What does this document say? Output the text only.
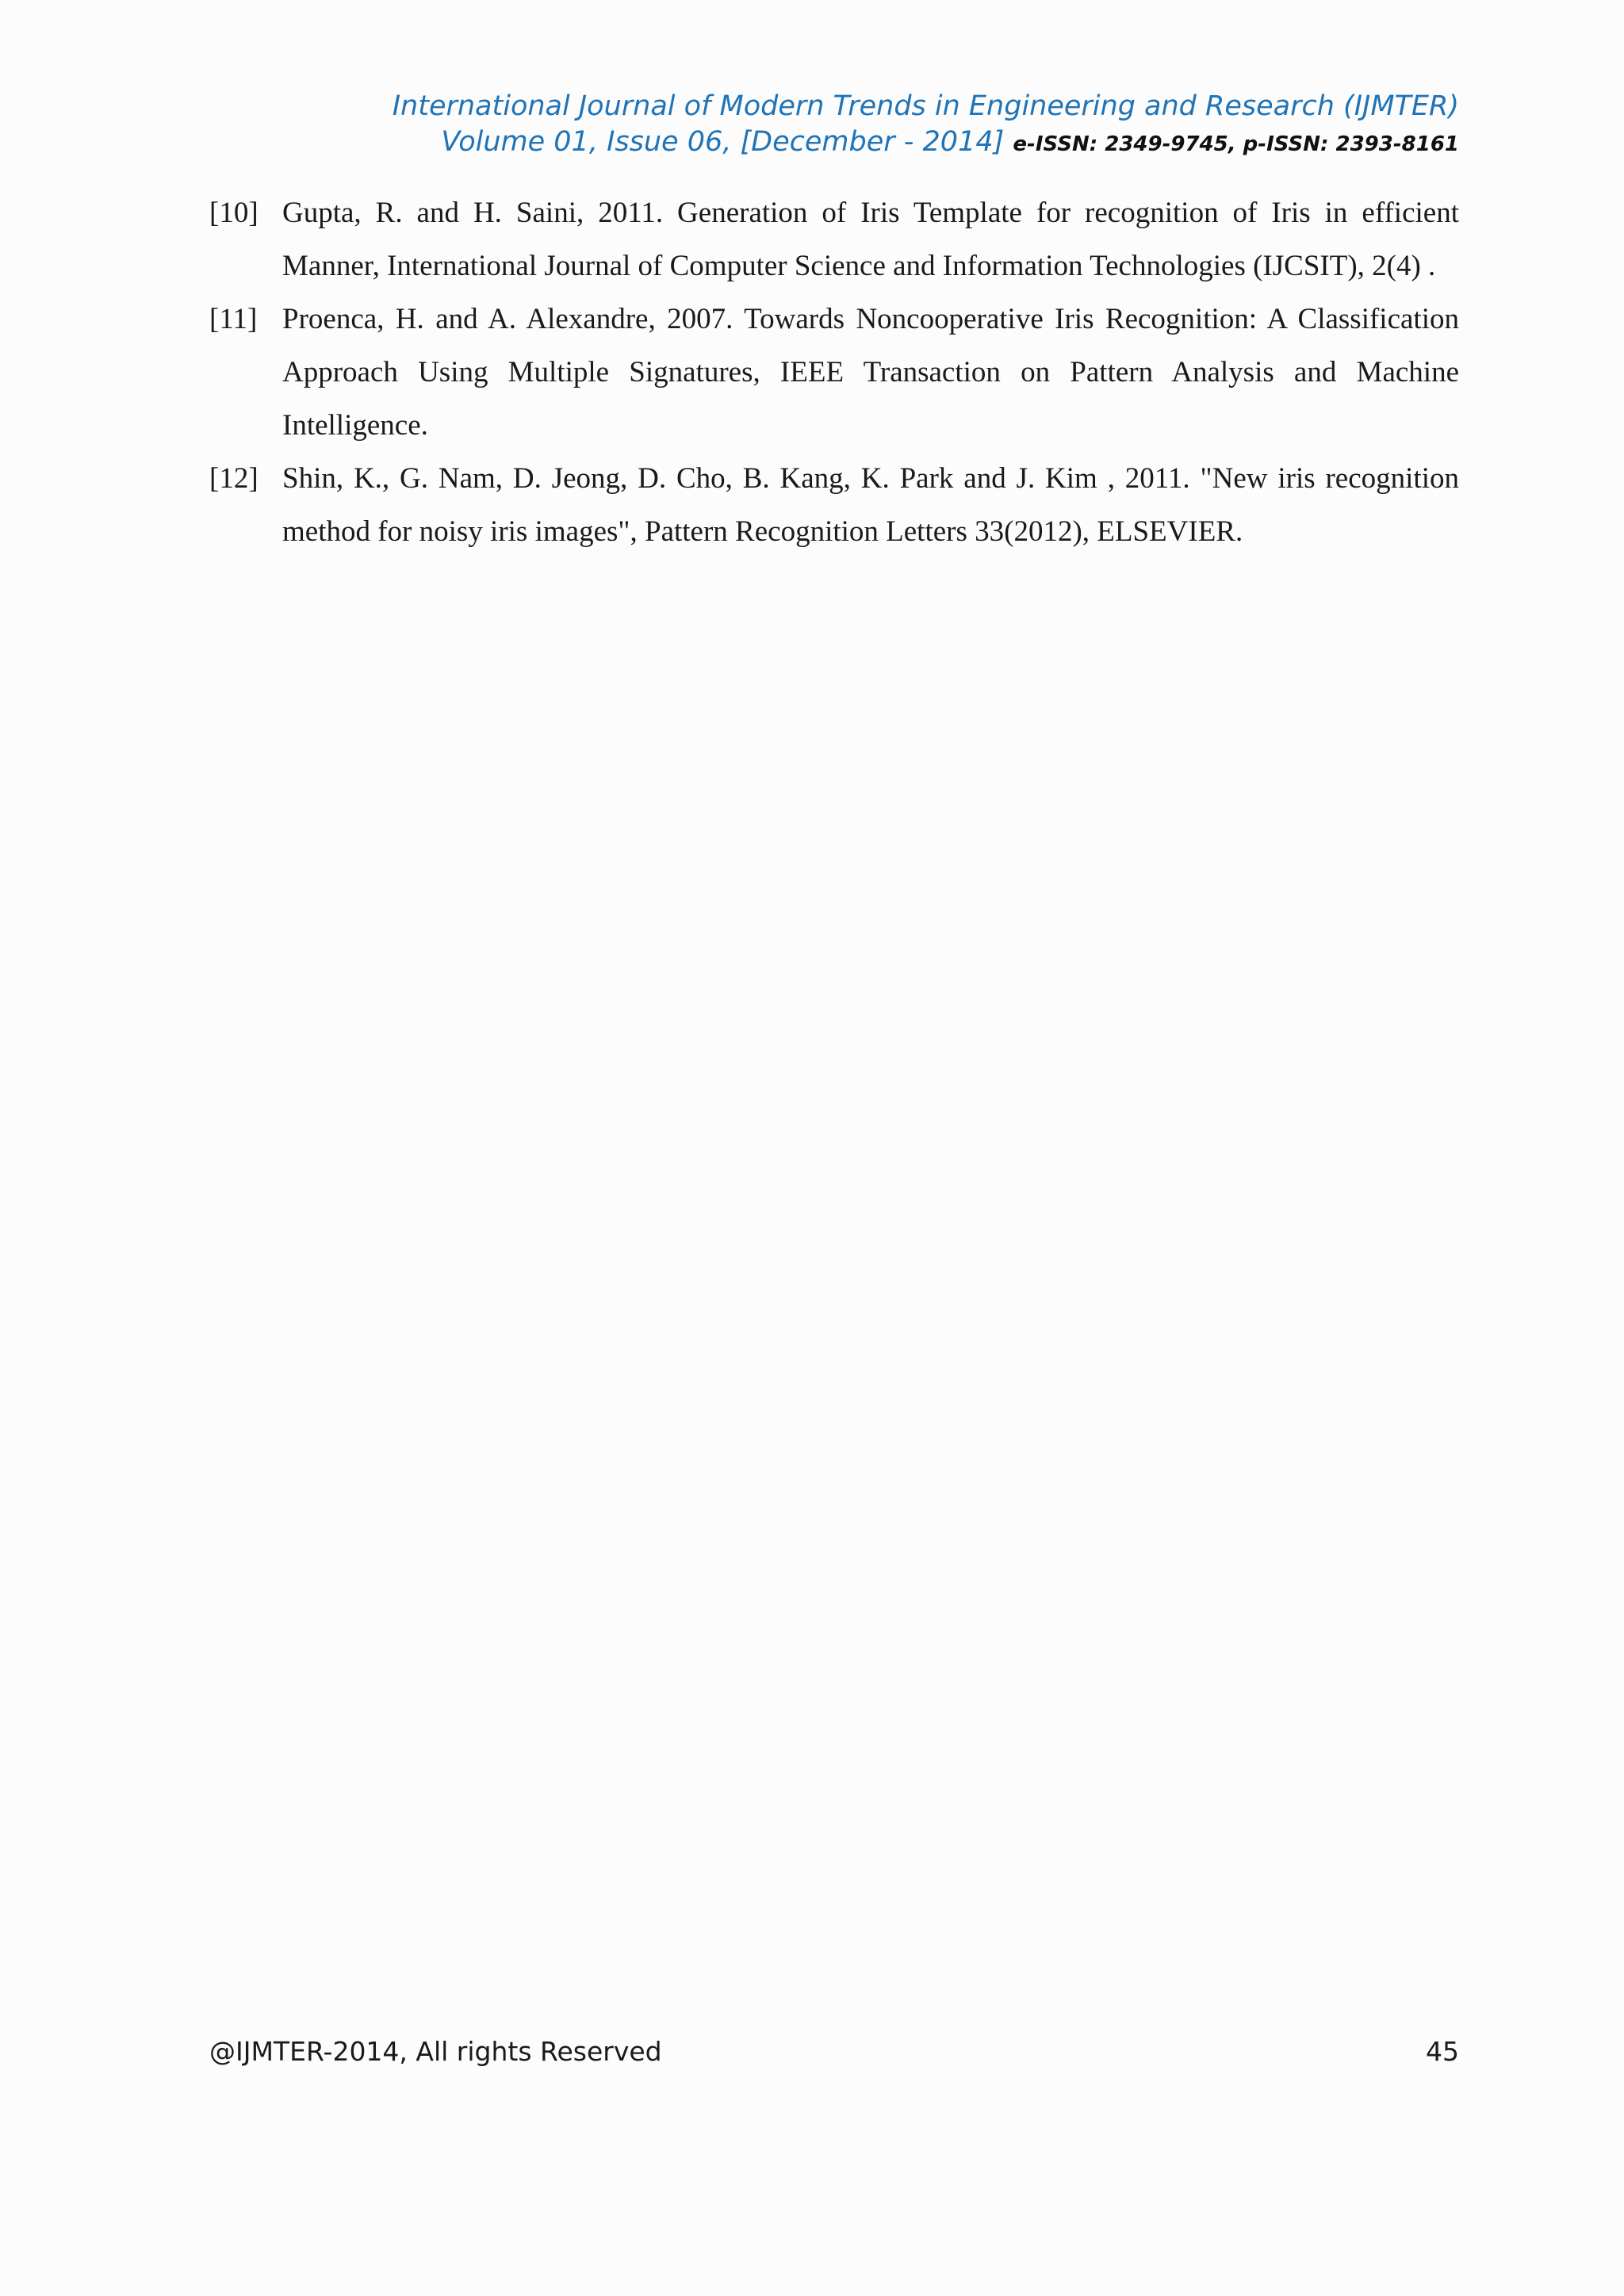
International Journal of Modern Trends in Engineering and Research (IJMTER)
Volume 01, Issue 06, [December - 2014] e-ISSN: 2349-9745, p-ISSN: 2393-8161
[10] Gupta, R. and H. Saini, 2011. Generation of Iris Template for recognition of Iris in efficient Manner, International Journal of Computer Science and Information Technologies (IJCSIT), 2(4) .
[11] Proenca, H. and A. Alexandre, 2007. Towards Noncooperative Iris Recognition: A Classification Approach Using Multiple Signatures, IEEE Transaction on Pattern Analysis and Machine Intelligence.
[12] Shin, K., G. Nam, D. Jeong, D. Cho, B. Kang, K. Park and J. Kim , 2011. "New iris recognition method for noisy iris images", Pattern Recognition Letters 33(2012), ELSEVIER.
@IJMTER-2014, All rights Reserved	45
